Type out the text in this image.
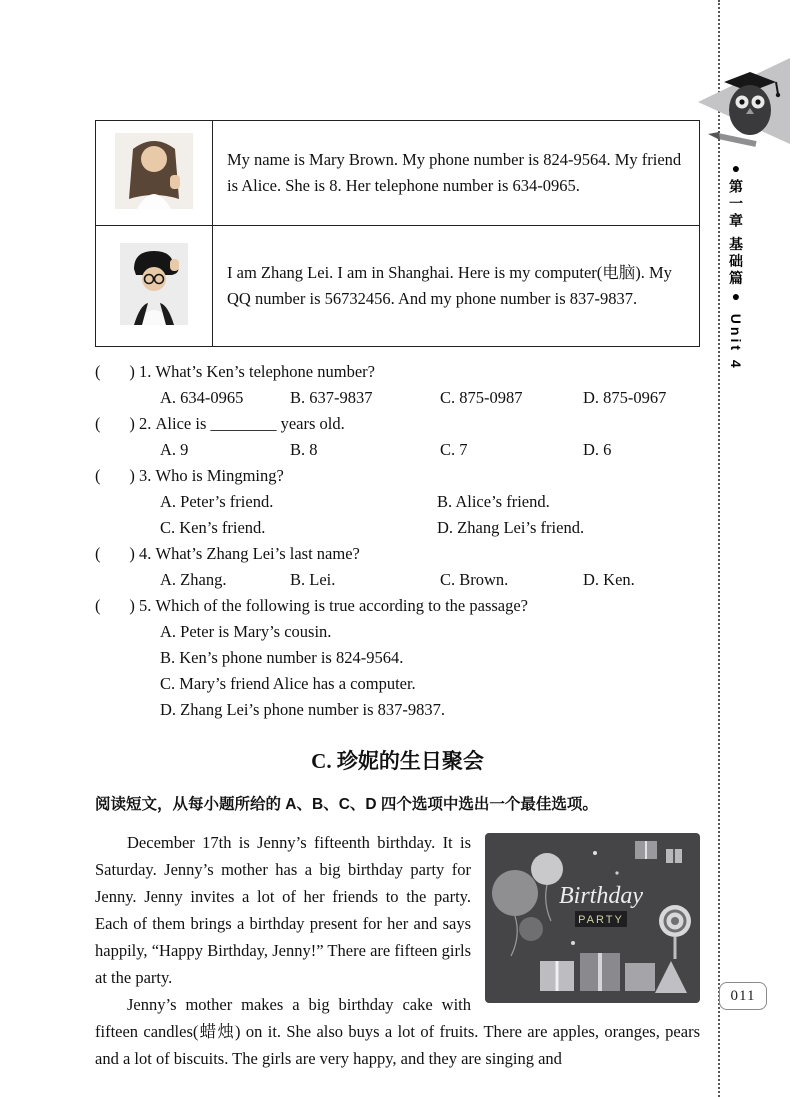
●第一章 基础篇● Unit 4
011
	My name is Mary Brown. My phone number is 824-9564. My friend is Alice. She is 8. Her telephone number is 634-0965.
	I am Zhang Lei. I am in Shanghai. Here is my computer(电脑). My QQ number is 56732456. And my phone number is 837-9837.
(       ) 1. What’s Ken’s telephone number?
A. 634-0965	B. 637-9837	C. 875-0987	D. 875-0967
(       ) 2. Alice is ________ years old.
A. 9	B. 8	C. 7	D. 6
(       ) 3. Who is Mingming?
A. Peter’s friend.	B. Alice’s friend.
C. Ken’s friend.	D. Zhang Lei’s friend.
(       ) 4. What’s Zhang Lei’s last name?
A. Zhang.	B. Lei.	C. Brown.	D. Ken.
(       ) 5. Which of the following is true according to the passage?
A. Peter is Mary’s cousin.
B. Ken’s phone number is 824-9564.
C. Mary’s friend Alice has a computer.
D. Zhang Lei’s phone number is 837-9837.
C. 珍妮的生日聚会

阅读短文，从每小题所给的 A、B、C、D 四个选项中选出一个最佳选项。

Birthday
PARTY

December 17th is Jenny’s fifteenth birthday. It is Saturday. Jenny’s mother has a big birthday party for Jenny. Jenny invites a lot of her friends to the party. Each of them brings a birthday present for her and says happily, “Happy Birthday, Jenny!” There are fifteen girls at the party.

Jenny’s mother makes a big birthday cake with fifteen candles(蜡烛) on it. She also buys a lot of fruits. There are apples, oranges, pears and a lot of biscuits. The girls are very happy, and they are singing and
